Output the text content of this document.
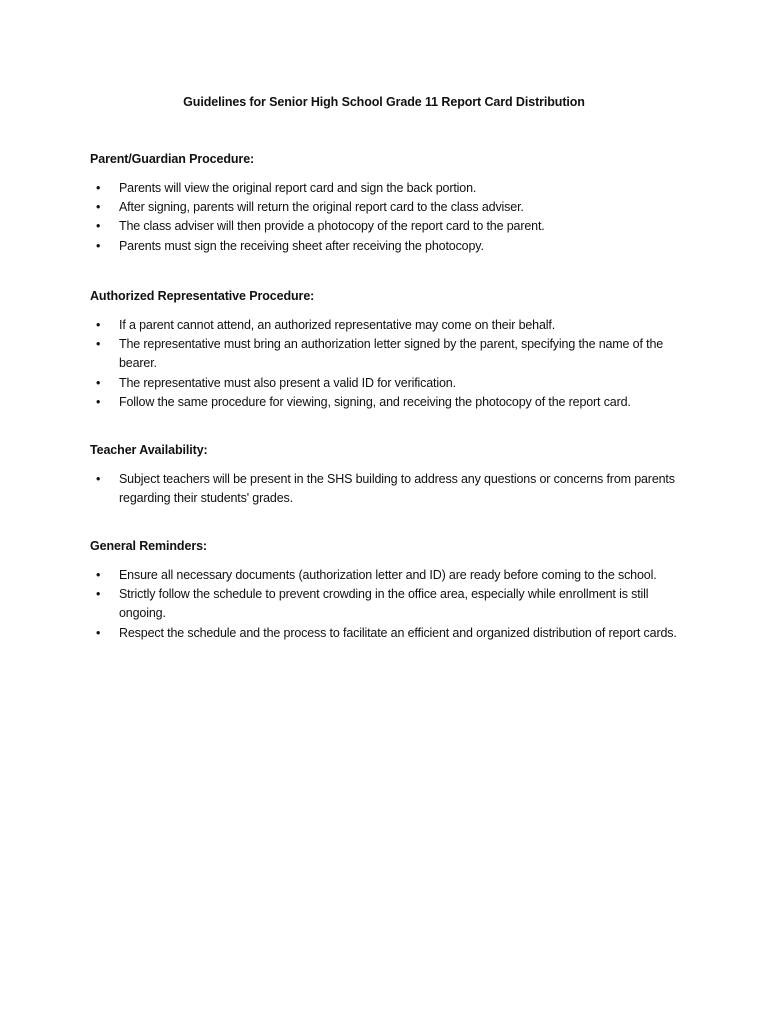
Guidelines for Senior High School Grade 11 Report Card Distribution
Parent/Guardian Procedure:
• Parents will view the original report card and sign the back portion.
• After signing, parents will return the original report card to the class adviser.
• The class adviser will then provide a photocopy of the report card to the parent.
• Parents must sign the receiving sheet after receiving the photocopy.
Authorized Representative Procedure:
• If a parent cannot attend, an authorized representative may come on their behalf.
• The representative must bring an authorization letter signed by the parent, specifying the name of the bearer.
• The representative must also present a valid ID for verification.
• Follow the same procedure for viewing, signing, and receiving the photocopy of the report card.
Teacher Availability:
• Subject teachers will be present in the SHS building to address any questions or concerns from parents regarding their students' grades.
General Reminders:
• Ensure all necessary documents (authorization letter and ID) are ready before coming to the school.
• Strictly follow the schedule to prevent crowding in the office area, especially while enrollment is still ongoing.
• Respect the schedule and the process to facilitate an efficient and organized distribution of report cards.
